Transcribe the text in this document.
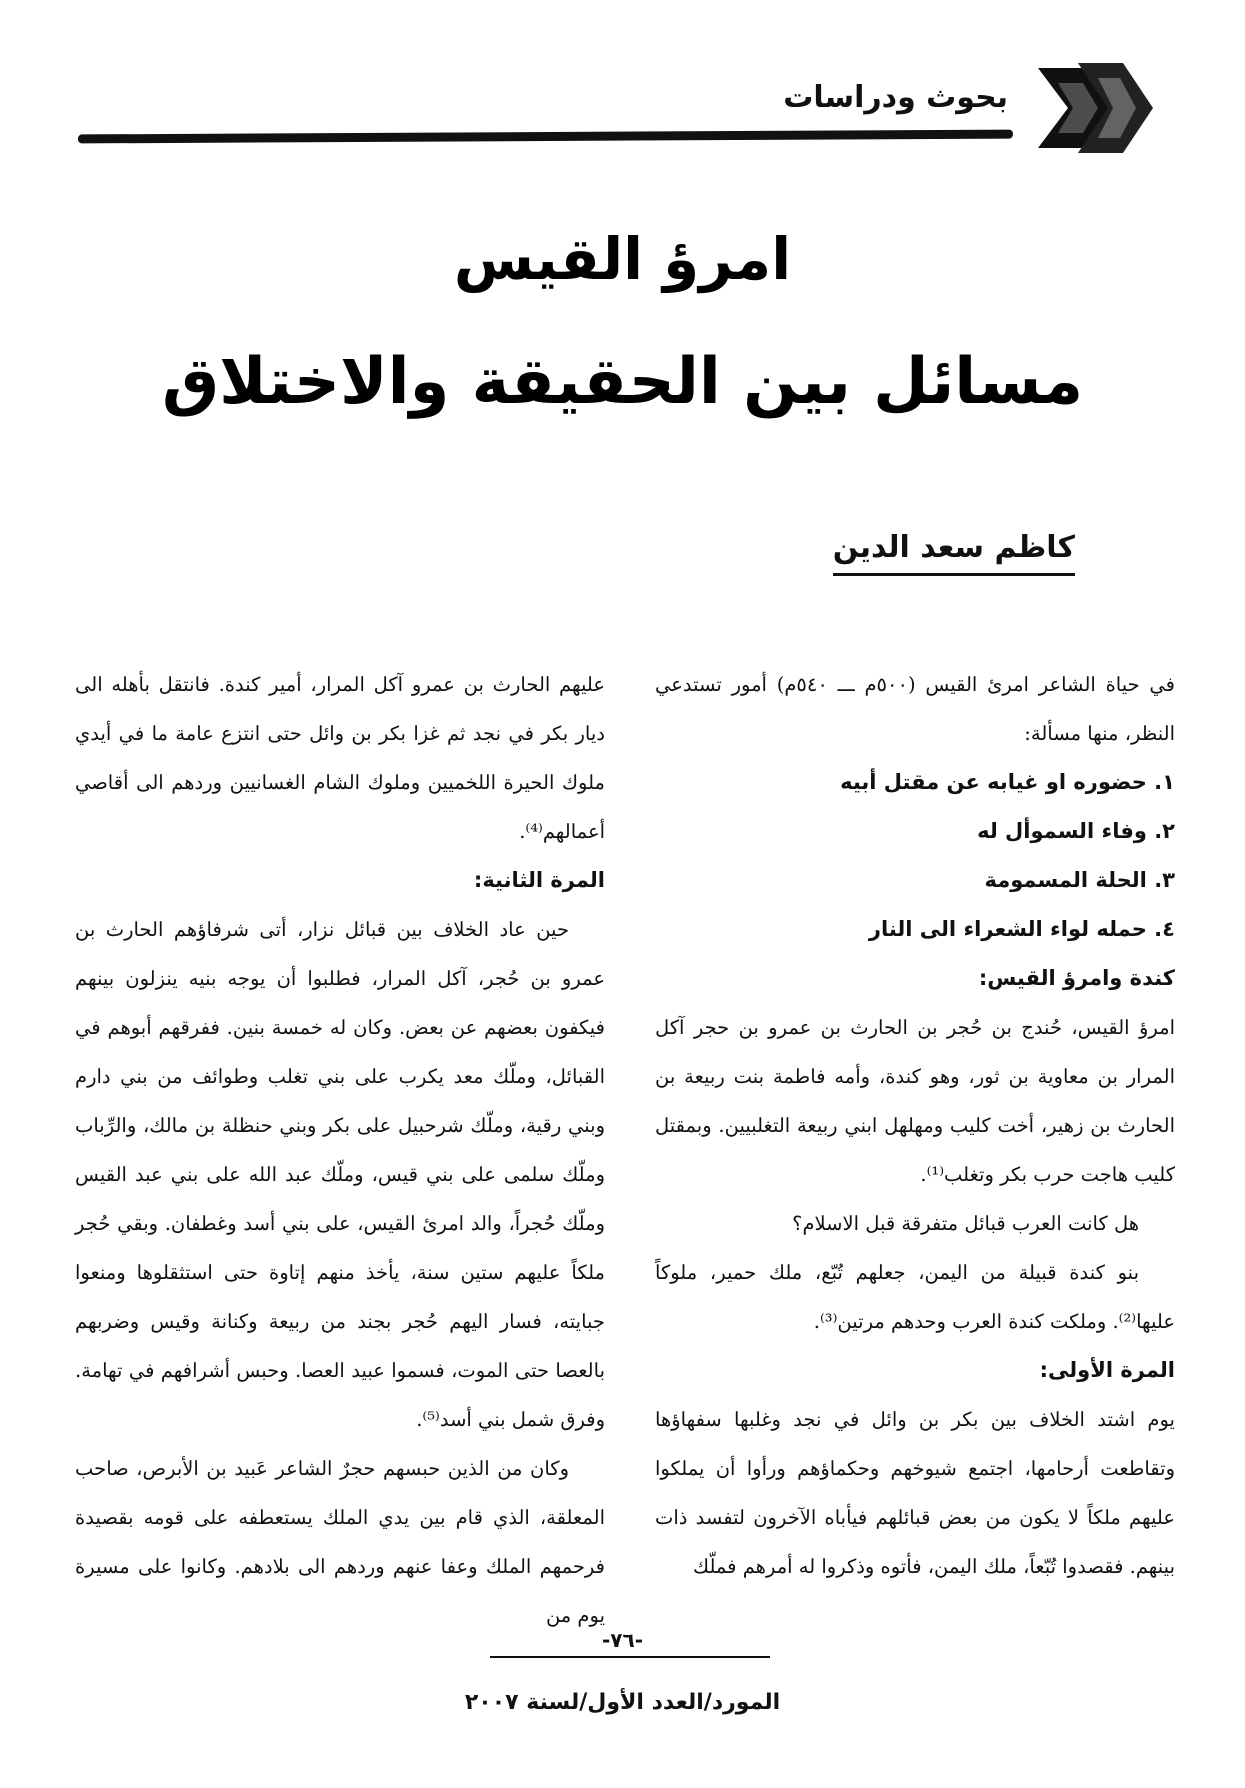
بحوث ودراسات
امرؤ القيس
مسائل بين الحقيقة والاختلاق
كاظم سعد الدين

في حياة الشاعر امرئ القيس (٥٠٠م ـــ ٥٤٠م) أمور تستدعي النظر، منها مسألة:

١. حضوره او غيابه عن مقتل أبيه

٢. وفاء السموأل له

٣. الحلة المسمومة

٤. حمله لواء الشعراء الى النار

كندة وامرؤ القيس:

امرؤ القيس، حُندج بن حُجر بن الحارث بن عمرو بن حجر آكل المرار بن معاوية بن ثور، وهو كندة، وأمه فاطمة بنت ربيعة بن الحارث بن زهير، أخت كليب ومهلهل ابني ربيعة التغلبيين. وبمقتل كليب هاجت حرب بكر وتغلب⁽¹⁾.

هل كانت العرب قبائل متفرقة قبل الاسلام؟

بنو كندة قبيلة من اليمن، جعلهم تُبّع، ملك حمير، ملوكاً عليها⁽²⁾. وملكت كندة العرب وحدهم مرتين⁽³⁾.

المرة الأولى:

يوم اشتد الخلاف بين بكر بن وائل في نجد وغلبها سفهاؤها وتقاطعت أرحامها، اجتمع شيوخهم وحكماؤهم ورأوا أن يملكوا عليهم ملكاً لا يكون من بعض قبائلهم فيأباه الآخرون لتفسد ذات بينهم. فقصدوا تُبّعاً، ملك اليمن، فأتوه وذكروا له أمرهم فملّك

عليهم الحارث بن عمرو آكل المرار، أمير كندة. فانتقل بأهله الى ديار بكر في نجد ثم غزا بكر بن وائل حتى انتزع عامة ما في أيدي ملوك الحيرة اللخميين وملوك الشام الغسانيين وردهم الى أقاصي أعمالهم⁽⁴⁾.

المرة الثانية:

حين عاد الخلاف بين قبائل نزار، أتى شرفاؤهم الحارث بن عمرو بن حُجر، آكل المرار، فطلبوا أن يوجه بنيه ينزلون بينهم فيكفون بعضهم عن بعض. وكان له خمسة بنين. ففرقهم أبوهم في القبائل، وملّك معد يكرب على بني تغلب وطوائف من بني دارم وبني رقية، وملّك شرحبيل على بكر وبني حنظلة بن مالك، والرِّباب وملّك سلمى على بني قيس، وملّك عبد الله على بني عبد القيس وملّك حُجراً، والد امرئ القيس، على بني أسد وغطفان. وبقي حُجر ملكاً عليهم ستين سنة، يأخذ منهم إتاوة حتى استثقلوها ومنعوا جبايته، فسار اليهم حُجر بجند من ربيعة وكنانة وقيس وضربهم بالعصا حتى الموت، فسموا عبيد العصا. وحبس أشرافهم في تهامة. وفرق شمل بني أسد⁽⁵⁾.

وكان من الذين حبسهم حجرٌ الشاعر عَبيد بن الأبرص، صاحب المعلقة، الذي قام بين يدي الملك يستعطفه على قومه بقصيدة فرحمهم الملك وعفا عنهم وردهم الى بلادهم. وكانوا على مسيرة يوم من

-٧٦-
المورد/العدد الأول/لسنة ٢٠٠٧
